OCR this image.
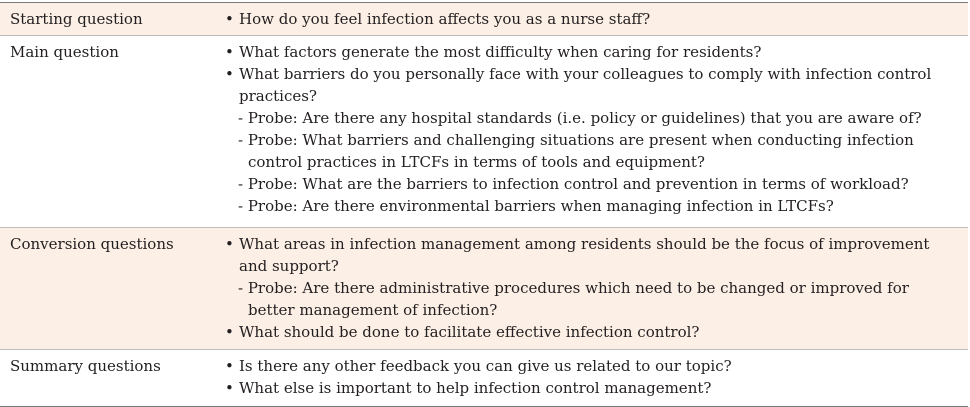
Starting question	• How do you feel infection affects you as a nurse staff?
Main question	• What factors generate the most difficulty when caring for residents?
• What barriers do you personally face with your colleagues to comply with infection control practices?
- Probe: Are there any hospital standards (i.e. policy or guidelines) that you are aware of?
- Probe: What barriers and challenging situations are present when conducting infection control practices in LTCFs in terms of tools and equipment?
- Probe: What are the barriers to infection control and prevention in terms of workload?
- Probe: Are there environmental barriers when managing infection in LTCFs?
Conversion questions	• What areas in infection management among residents should be the focus of improvement and support?
- Probe: Are there administrative procedures which need to be changed or improved for better management of infection?
• What should be done to facilitate effective infection control?
Summary questions	• Is there any other feedback you can give us related to our topic?
• What else is important to help infection control management?
